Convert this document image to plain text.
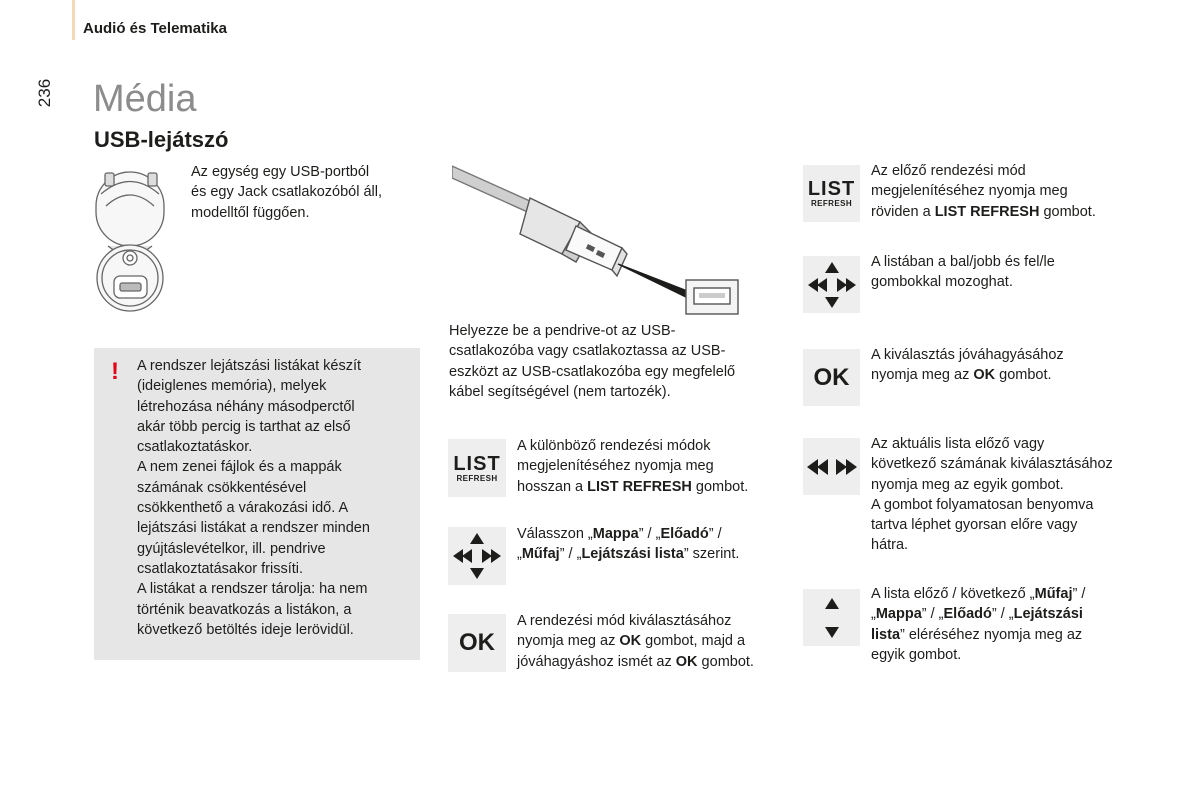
Audió és Telematika
236 Média
USB-lejátszó
Az egység egy USB-portból
és egy Jack csatlakozóból áll,
modelltől függően.
Helyezze be a pendrive-ot az USB-
csatlakozóba vagy csatlakoztassa az USB-
eszközt az USB-csatlakozóba egy megfelelő
kábel segítségével (nem tartozék).
! A rendszer lejátszási listákat készít
(ideiglenes memória), melyek
létrehozása néhány másodperctől
akár több percig is tarthat az első
csatlakoztatáskor.
A nem zenei fájlok és a mappák
számának csökkentésével
csökkenthető a várakozási idő. A
lejátszási listákat a rendszer minden
gyújtáslevételkor, ill. pendrive
csatlakoztatásakor frissíti.
A listákat a rendszer tárolja: ha nem
történik beavatkozás a listákon, a
következő betöltés ideje lerövidül.
LIST
REFRESH
OK
A különböző rendezési módok
megjelenítéséhez nyomja meg
hosszan a LIST REFRESH gombot.
Válasszon „Mappa” / „Előadó” /
„Műfaj” / „Lejátszási lista” szerint.
A rendezési mód kiválasztásához
nyomja meg az OK gombot, majd a
jóváhagyáshoz ismét az OK gombot.
LIST
REFRESH
OK
Az előző rendezési mód
megjelenítéséhez nyomja meg
röviden a LIST REFRESH gombot.
A listában a bal/jobb és fel/le
gombokkal mozoghat.
A kiválasztás jóváhagyásához
nyomja meg az OK gombot.
Az aktuális lista előző vagy
következő számának kiválasztásához
nyomja meg az egyik gombot.
A gombot folyamatosan benyomva
tartva léphet gyorsan előre vagy
hátra.
A lista előző / következő „Műfaj” /
„Mappa” / „Előadó” / „Lejátszási
lista” eléréséhez nyomja meg az
egyik gombot.
